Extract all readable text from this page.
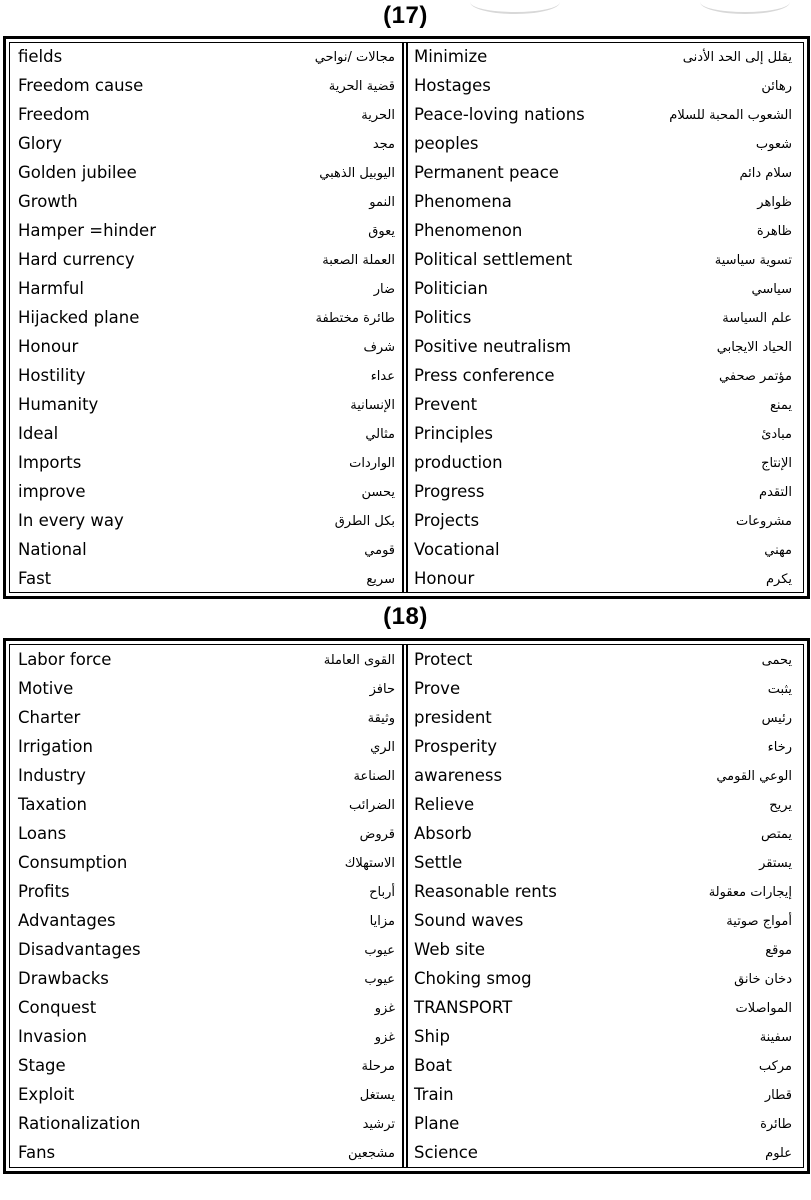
(17)
fields	مجالات /نواحي
Freedom cause	قضية الحرية
Freedom	الحرية
Glory	مجد
Golden jubilee	اليوبيل الذهبي
Growth	النمو
Hamper =hinder	يعوق
Hard currency	العملة الصعبة
Harmful	ضار
Hijacked plane	طائرة مختطفة
Honour	شرف
Hostility	عداء
Humanity	الإنسانية
Ideal	مثالي
Imports	الواردات
improve	يحسن
In every way	بكل الطرق
National	قومي
Fast	سريع
Minimize	يقلل إلى الحد الأدنى
Hostages	رهائن
Peace-loving nations	الشعوب المحبة للسلام
peoples	شعوب
Permanent peace	سلام دائم
Phenomena	ظواهر
Phenomenon	ظاهرة
Political settlement	تسوية سياسية
Politician	سياسي
Politics	علم السياسة
Positive neutralism	الحياد الايجابي
Press conference	مؤتمر صحفي
Prevent	يمنع
Principles	مبادئ
production	الإنتاج
Progress	التقدم
Projects	مشروعات
Vocational	مهني
Honour	يكرم
(18)
Labor force	القوى العاملة
Motive	حافز
Charter	وثيقة
Irrigation	الري
Industry	الصناعة
Taxation	الضرائب
Loans	قروض
Consumption	الاستهلاك
Profits	أرباح
Advantages	مزايا
Disadvantages	عيوب
Drawbacks	عيوب
Conquest	غزو
Invasion	غزو
Stage	مرحلة
Exploit	يستغل
Rationalization	ترشيد
Fans	مشجعين
Protect	يحمى
Prove	يثبت
president	رئيس
Prosperity	رخاء
awareness	الوعي القومي
Relieve	يريح
Absorb	يمتص
Settle	يستقر
Reasonable rents	إيجارات معقولة
Sound waves	أمواج صوتية
Web site	موقع
Choking smog	دخان خانق
TRANSPORT	المواصلات
Ship	سفينة
Boat	مركب
Train	قطار
Plane	طائرة
Science	علوم
